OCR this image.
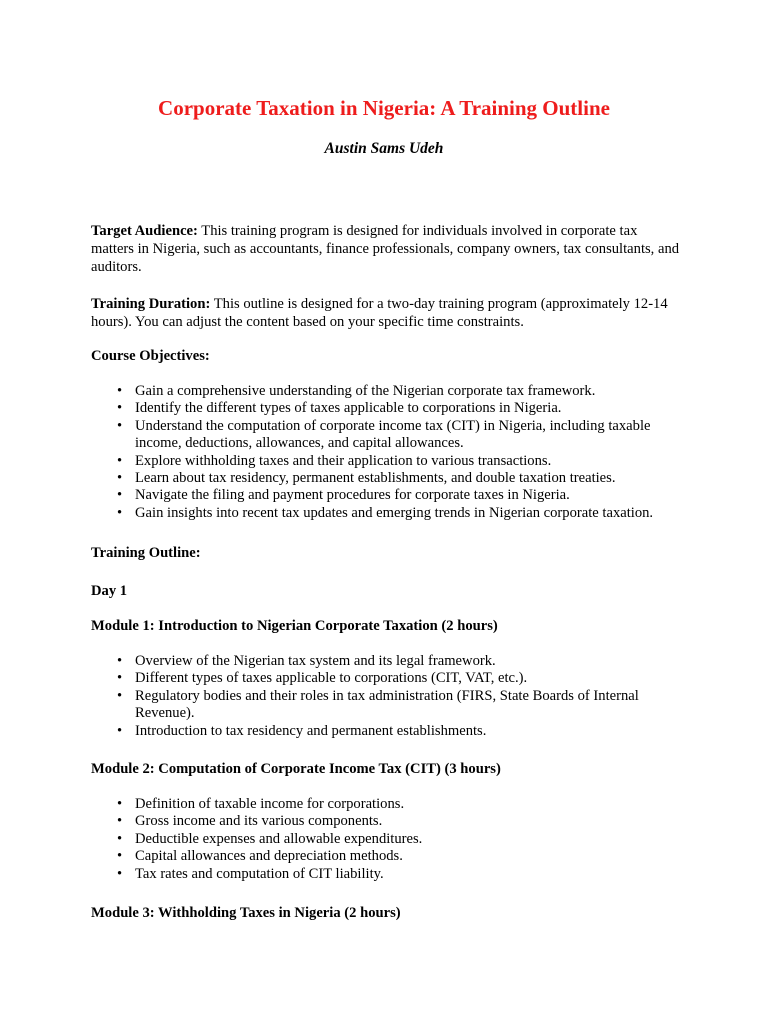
Corporate Taxation in Nigeria: A Training Outline
Austin Sams Udeh

Target Audience: This training program is designed for individuals involved in corporate tax matters in Nigeria, such as accountants, finance professionals, company owners, tax consultants, and auditors.

Training Duration: This outline is designed for a two-day training program (approximately 12-14 hours). You can adjust the content based on your specific time constraints.

Course Objectives:
• Gain a comprehensive understanding of the Nigerian corporate tax framework.
• Identify the different types of taxes applicable to corporations in Nigeria.
• Understand the computation of corporate income tax (CIT) in Nigeria, including taxable income, deductions, allowances, and capital allowances.
• Explore withholding taxes and their application to various transactions.
• Learn about tax residency, permanent establishments, and double taxation treaties.
• Navigate the filing and payment procedures for corporate taxes in Nigeria.
• Gain insights into recent tax updates and emerging trends in Nigerian corporate taxation.
Training Outline:
Day 1
Module 1: Introduction to Nigerian Corporate Taxation (2 hours)
• Overview of the Nigerian tax system and its legal framework.
• Different types of taxes applicable to corporations (CIT, VAT, etc.).
• Regulatory bodies and their roles in tax administration (FIRS, State Boards of Internal Revenue).
• Introduction to tax residency and permanent establishments.
Module 2: Computation of Corporate Income Tax (CIT) (3 hours)
• Definition of taxable income for corporations.
• Gross income and its various components.
• Deductible expenses and allowable expenditures.
• Capital allowances and depreciation methods.
• Tax rates and computation of CIT liability.
Module 3: Withholding Taxes in Nigeria (2 hours)
